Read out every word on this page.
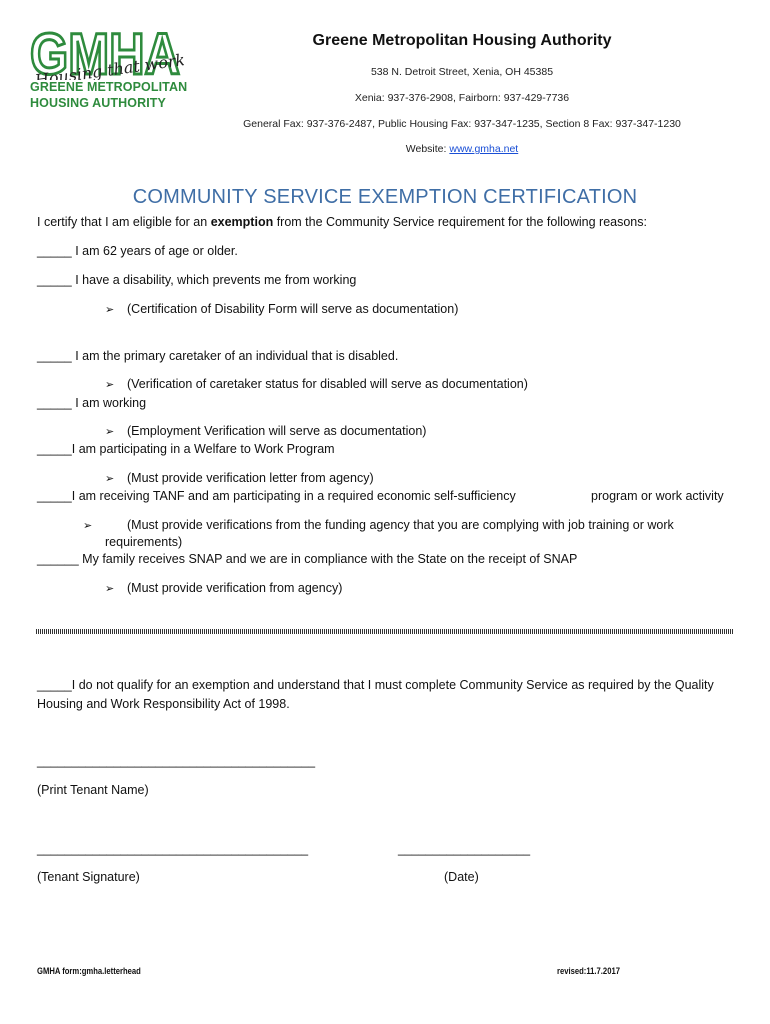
GMHA
Housing that works!
GREENE METROPOLITAN
HOUSING AUTHORITY
Greene Metropolitan Housing Authority
538 N. Detroit Street, Xenia, OH 45385
Xenia: 937-376-2908, Fairborn: 937-429-7736
General Fax: 937-376-2487, Public Housing Fax: 937-347-1235, Section 8 Fax: 937-347-1230
Website: www.gmha.net
COMMUNITY SERVICE EXEMPTION CERTIFICATION
I certify that I am eligible for an exemption from the Community Service requirement for the following reasons:
_____ I am 62 years of age or older.
_____ I have a disability, which prevents me from working
➢ (Certification of Disability Form will serve as documentation)
_____ I am the primary caretaker of an individual that is disabled.
➢ (Verification of caretaker status for disabled will serve as documentation)
_____ I am working
➢ (Employment Verification will serve as documentation)
_____I am participating in a Welfare to Work Program
➢ (Must provide verification letter from agency)
_____I am receiving TANF and am participating in a required economic self-sufficiency	program or work activity
➢	(Must provide verifications from the funding agency that you are complying with job training or work
requirements)
______ My family receives SNAP and we are in compliance with the State on the receipt of SNAP
➢ (Must provide verification from agency)
_____I do not qualify for an exemption and understand that I must complete Community Service as required by the Quality Housing and Work Responsibility Act of 1998.
________________________________________
(Print Tenant Name)
_______________________________________	___________________
(Tenant Signature)	(Date)
GMHA form:gmha.letterhead	revised:11.7.2017
